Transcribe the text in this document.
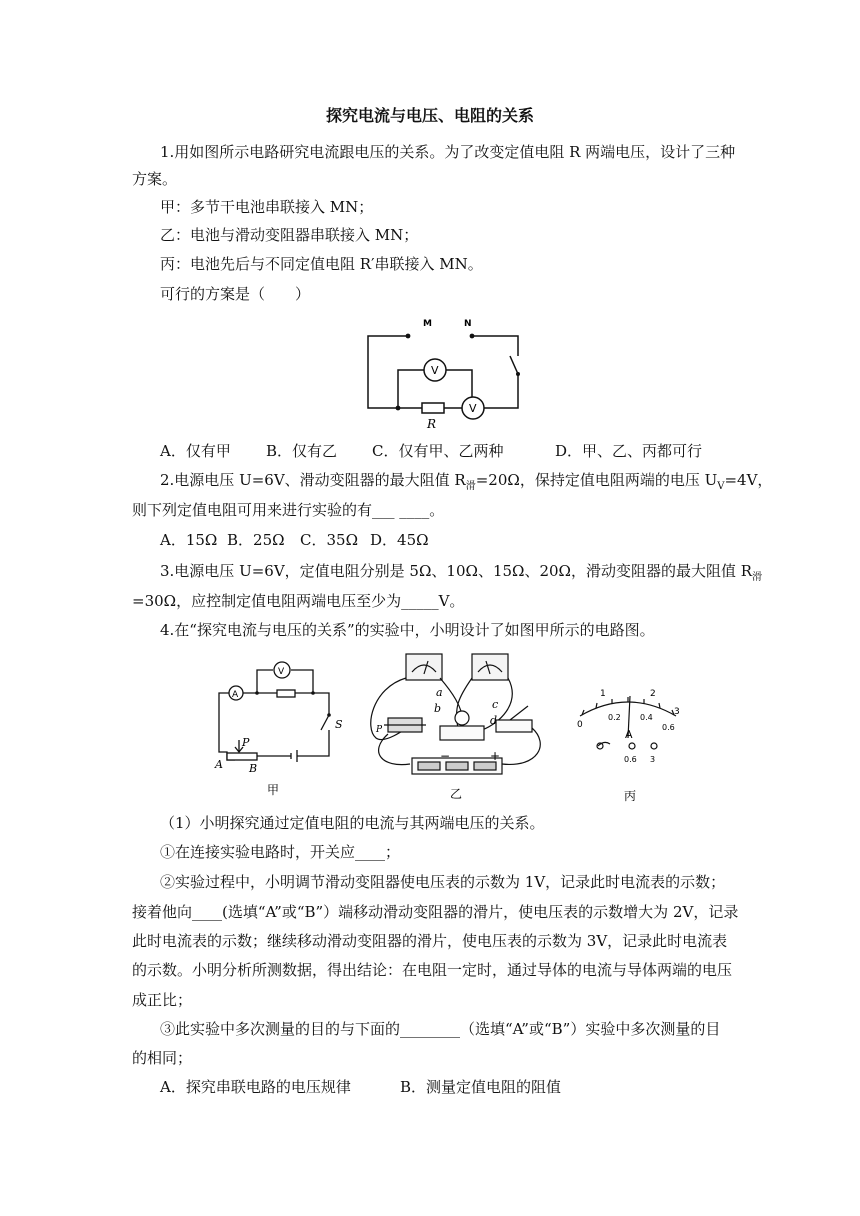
探究电流与电压、电阻的关系
1.用如图所示电路研究电流跟电压的关系。为了改变定值电阻 R 两端电压，设计了三种
方案。
甲：多节干电池串联接入 MN；
乙：电池与滑动变阻器串联接入 MN；
丙：电池先后与不同定值电阻 R′串联接入 MN。
可行的方案是（　　）
M	N
V
V
R
A．仅有甲 B．仅有乙 C．仅有甲、乙两种	D．甲、乙、丙都可行
2.电源电压 U=6V、滑动变阻器的最大阻值 $R_滑=20\Omega$，保持定值电阻两端的电压 $U_V=4V$，
则下列定值电阻可用来进行实验的有___ ____。
A．15Ω B．25Ω C．35Ω D．45Ω
3.电源电压 U=6V，定值电阻分别是 5Ω、10Ω、15Ω、20Ω，滑动变阻器的最大阻值 $R_滑$
=30Ω，应控制定值电阻两端电压至少为_____V。
4.在“探究电流与电压的关系”的实验中，小明设计了如图甲所示的电路图。
A
V
S
P
A B
甲
a
b	c
d
P
−	+
乙
0
1	2
3
0.2 0.4
0.6
A
0.6 3
丙
（1）小明探究通过定值电阻的电流与其两端电压的关系。
①在连接实验电路时，开关应____；
②实验过程中，小明调节滑动变阻器使电压表的示数为 1V，记录此时电流表的示数；
接着他向____(选填“A”或“B”）端移动滑动变阻器的滑片，使电压表的示数增大为 2V，记录
此时电流表的示数；继续移动滑动变阻器的滑片，使电压表的示数为 3V，记录此时电流表
的示数。小明分析所测数据，得出结论：在电阻一定时，通过导体的电流与导体两端的电压
成正比；
③此实验中多次测量的目的与下面的________（选填“A”或“B”）实验中多次测量的目
的相同；
A．探究串联电路的电压规律	B．测量定值电阻的阻值
